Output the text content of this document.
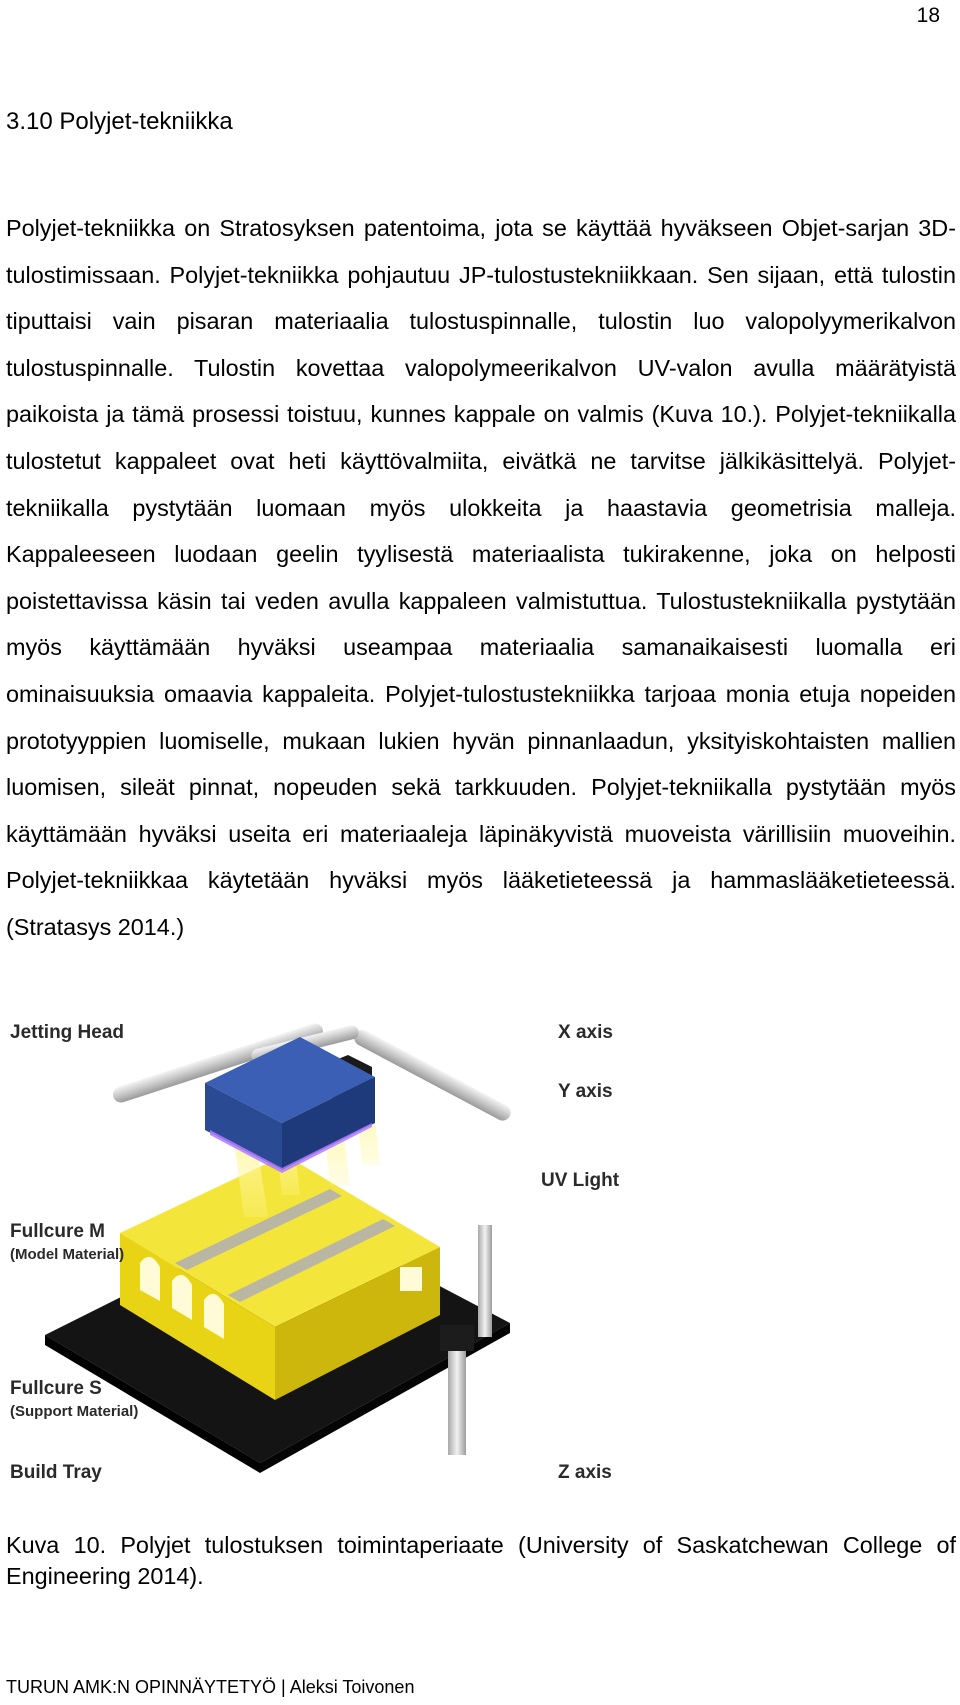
18
3.10 Polyjet-tekniikka

Polyjet-tekniikka on Stratosyksen patentoima, jota se käyttää hyväkseen Objet-sarjan 3D- tulostimissaan. Polyjet-tekniikka pohjautuu JP-tulostustekniikkaan. Sen sijaan, että tulostin tiputtaisi vain pisaran materiaalia tulostuspinnalle, tulostin luo valopolyymerikalvon tulostuspinnalle. Tulostin kovettaa valopolymeerikalvon UV-valon avulla määrätyistä paikoista ja tämä prosessi toistuu, kunnes kappale on valmis (Kuva 10.). Polyjet-tekniikalla tulostetut kappaleet ovat heti käyttövalmiita, eivätkä ne tarvitse jälkikäsittelyä. Polyjet-tekniikalla pystytään luomaan myös ulokkeita ja haastavia geometrisia malleja. Kappaleeseen luodaan geelin tyylisestä materiaalista tukirakenne, joka on helposti poistettavissa käsin tai veden avulla kappaleen valmistuttua. Tulostustekniikalla pystytään myös käyttämään hyväksi useampaa materiaalia samanaikaisesti luomalla eri ominaisuuksia omaavia kappaleita. Polyjet-tulostustekniikka tarjoaa monia etuja nopeiden prototyyppien luomiselle, mukaan lukien hyvän pinnanlaadun, yksityiskohtaisten mallien luomisen, sileät pinnat, nopeuden sekä tarkkuuden. Polyjet-tekniikalla pystytään myös käyttämään hyväksi useita eri materiaaleja läpinäkyvistä muoveista värillisiin muoveihin. Polyjet-tekniikkaa käytetään hyväksi myös lääketieteessä ja hammaslääketieteessä. (Stratasys 2014.)

Jetting Head	X axis
Y axis
UV Light
Fullcure M
(Model Material)
Fullcure S
(Support Material)
Build Tray	Z axis

Kuva 10. Polyjet tulostuksen toimintaperiaate (University of Saskatchewan College of Engineering 2014).

TURUN AMK:N OPINNÄYTETYÖ | Aleksi Toivonen
